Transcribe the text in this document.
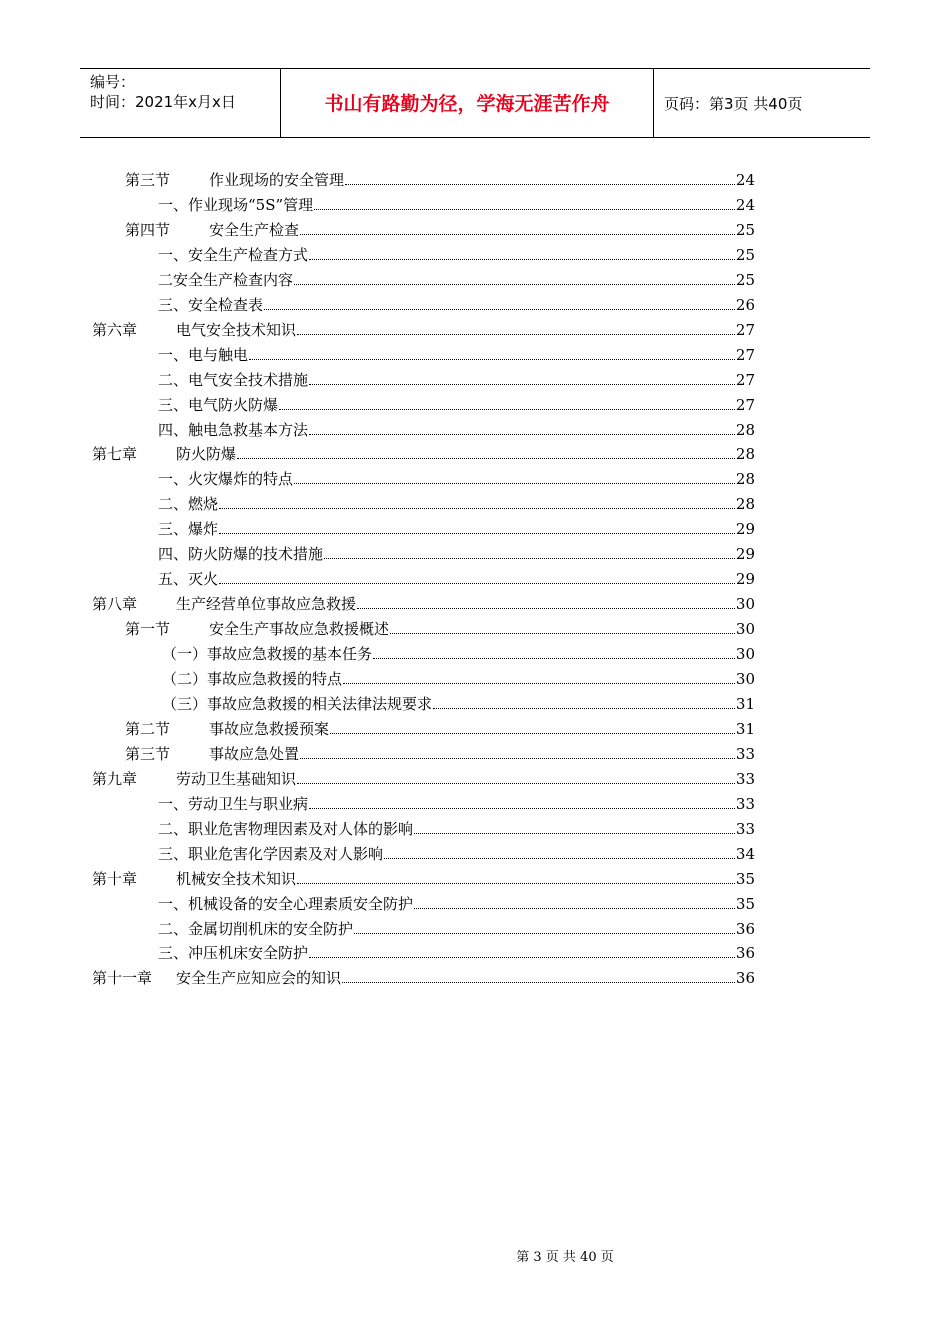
编号：
时间：2021年x月x日	书山有路勤为径，学海无涯苦作舟	页码：第3页 共40页
第三节	作业现场的安全管理	24
一、作业现场“5S”管理	24
第四节	安全生产检查	25
一、安全生产检查方式	25
二安全生产检查内容	25
三、安全检查表	26
第六章	电气安全技术知识	27
一、电与触电	27
二、电气安全技术措施	27
三、电气防火防爆	27
四、触电急救基本方法	28
第七章	防火防爆	28
一、火灾爆炸的特点	28
二、燃烧	28
三、爆炸	29
四、防火防爆的技术措施	29
五、灭火	29
第八章	生产经营单位事故应急救援	30
第一节	安全生产事故应急救援概述	30
（一）事故应急救援的基本任务	30
（二）事故应急救援的特点	30
（三）事故应急救援的相关法律法规要求	31
第二节	事故应急救援预案	31
第三节	事故应急处置	33
第九章	劳动卫生基础知识	33
一、劳动卫生与职业病	33
二、职业危害物理因素及对人体的影响	33
三、职业危害化学因素及对人影响	34
第十章	机械安全技术知识	35
一、机械设备的安全心理素质安全防护	35
二、金属切削机床的安全防护	36
三、冲压机床安全防护	36
第十一章	安全生产应知应会的知识	36
第 3 页 共 40 页
